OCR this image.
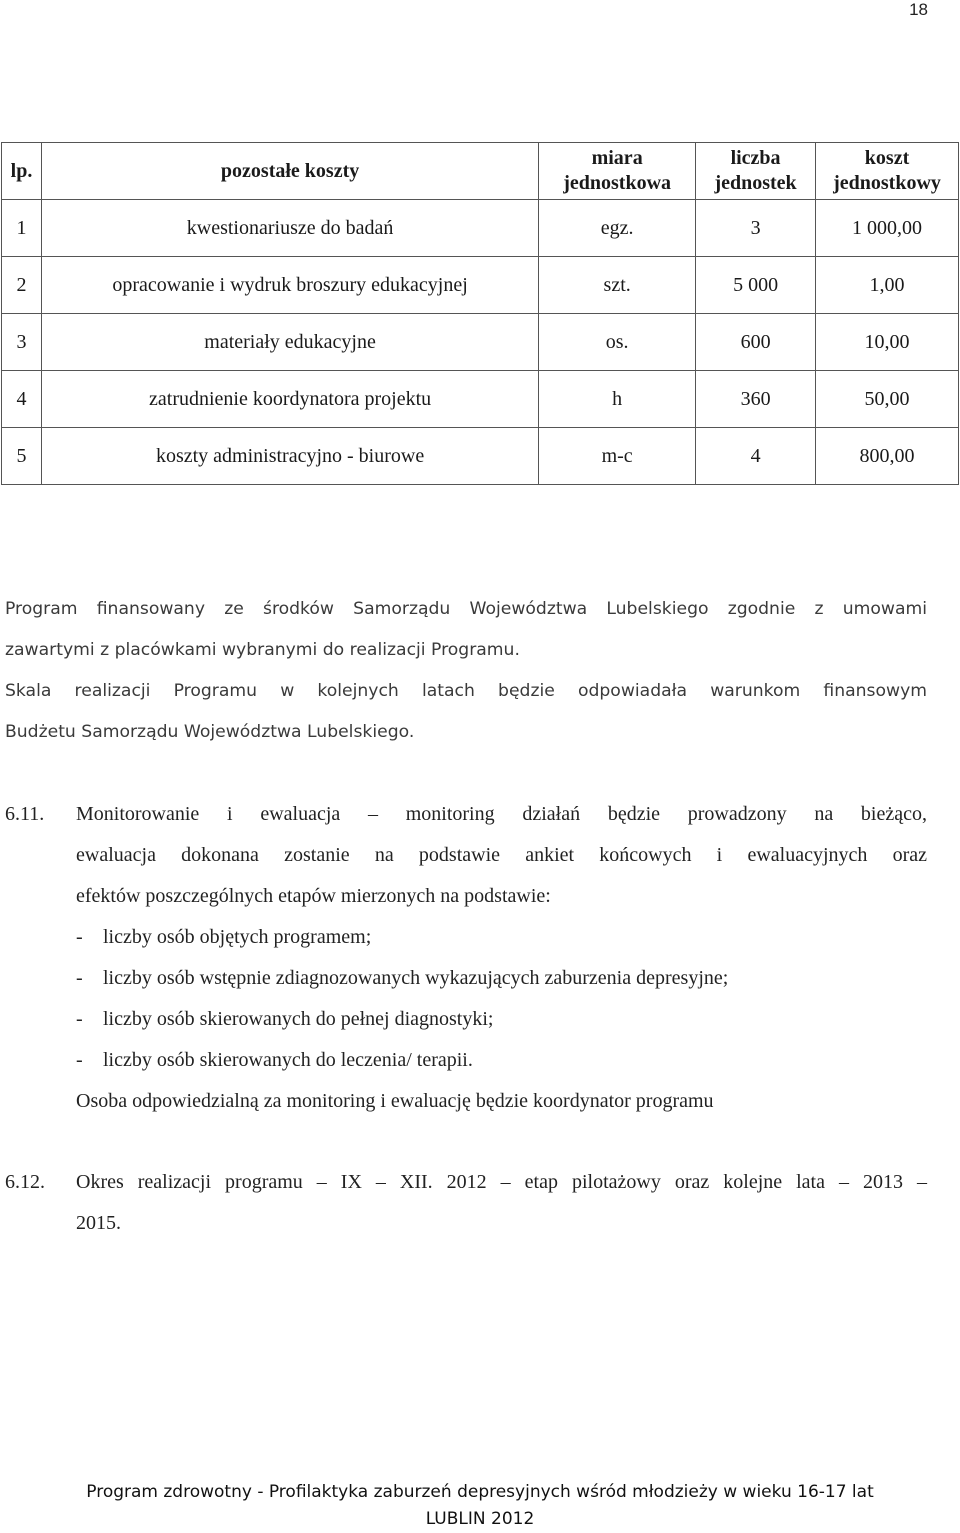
18
lp.	pozostałe koszty	miara jednostkowa	liczba jednostek	koszt jednostkowy
1	kwestionariusze do badań	egz.	3	1 000,00
2	opracowanie i wydruk broszury edukacyjnej	szt.	5 000	1,00
3	materiały edukacyjne	os.	600	10,00
4	zatrudnienie koordynatora projektu	h	360	50,00
5	koszty administracyjno - biurowe	m-c	4	800,00

Program finansowany ze środków Samorządu Województwa Lubelskiego zgodnie z umowami

zawartymi z placówkami wybranymi do realizacji Programu.

Skala realizacji Programu w kolejnych latach będzie odpowiadała warunkom finansowym

Budżetu Samorządu Województwa Lubelskiego.

6.11. Monitorowanie i ewaluacja – monitoring działań będzie prowadzony na bieżąco,

ewaluacja dokonana zostanie na podstawie ankiet końcowych i ewaluacyjnych oraz

efektów poszczególnych etapów mierzonych na podstawie:

- liczby osób objętych programem;
- liczby osób wstępnie zdiagnozowanych wykazujących zaburzenia depresyjne;
- liczby osób skierowanych do pełnej diagnostyki;
- liczby osób skierowanych do leczenia/ terapii.

Osoba odpowiedzialną za monitoring i ewaluację będzie koordynator programu

6.12. Okres realizacji programu – IX – XII. 2012 – etap pilotażowy oraz kolejne lata – 2013 –

2015.

Program zdrowotny - Profilaktyka zaburzeń depresyjnych wśród młodzieży w wieku 16-17 lat
LUBLIN 2012
